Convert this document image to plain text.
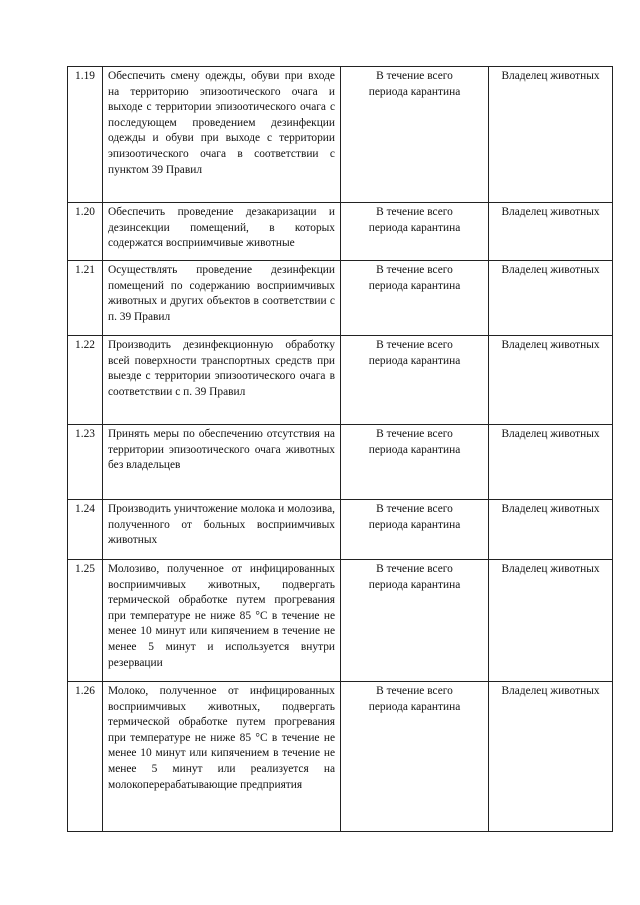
1.19	Обеспечить смену одежды, обуви при входе на территорию эпизоотического очага и выходе с территории эпизоотического очага с последующем проведением дезинфекции одежды и обуви при выходе с территории эпизоотического очага в соответствии с пунктом 39 Правил	В течение всего
периода карантина	Владелец животных
1.20	Обеспечить проведение дезакаризации и дезинсекции помещений, в которых содержатся восприимчивые животные	В течение всего
периода карантина	Владелец животных
1.21	Осуществлять проведение дезинфекции помещений по содержанию восприимчивых животных и других объектов в соответствии с п. 39 Правил	В течение всего
периода карантина	Владелец животных
1.22	Производить дезинфекционную обработку всей поверхности транспортных средств при выезде с территории эпизоотического очага в соответствии с п. 39 Правил	В течение всего
периода карантина	Владелец животных
1.23	Принять меры по обеспечению отсутствия на территории эпизоотического очага животных без владельцев	В течение всего
периода карантина	Владелец животных
1.24	Производить уничтожение молока и молозива, полученного от больных восприимчивых животных	В течение всего
периода карантина	Владелец животных
1.25	Молозиво, полученное от инфицированных восприимчивых животных, подвергать термической обработке путем прогревания при температуре не ниже 85 °С в течение не менее 10 минут или кипячением в течение не менее 5 минут и используется внутри резервации	В течение всего
периода карантина	Владелец животных
1.26	Молоко, полученное от инфицированных восприимчивых животных, подвергать термической обработке путем прогревания при температуре не ниже 85 °С в течение не менее 10 минут или кипячением в течение не менее 5 минут или реализуется на молокоперерабатывающие предприятия	В течение всего
периода карантина	Владелец животных
